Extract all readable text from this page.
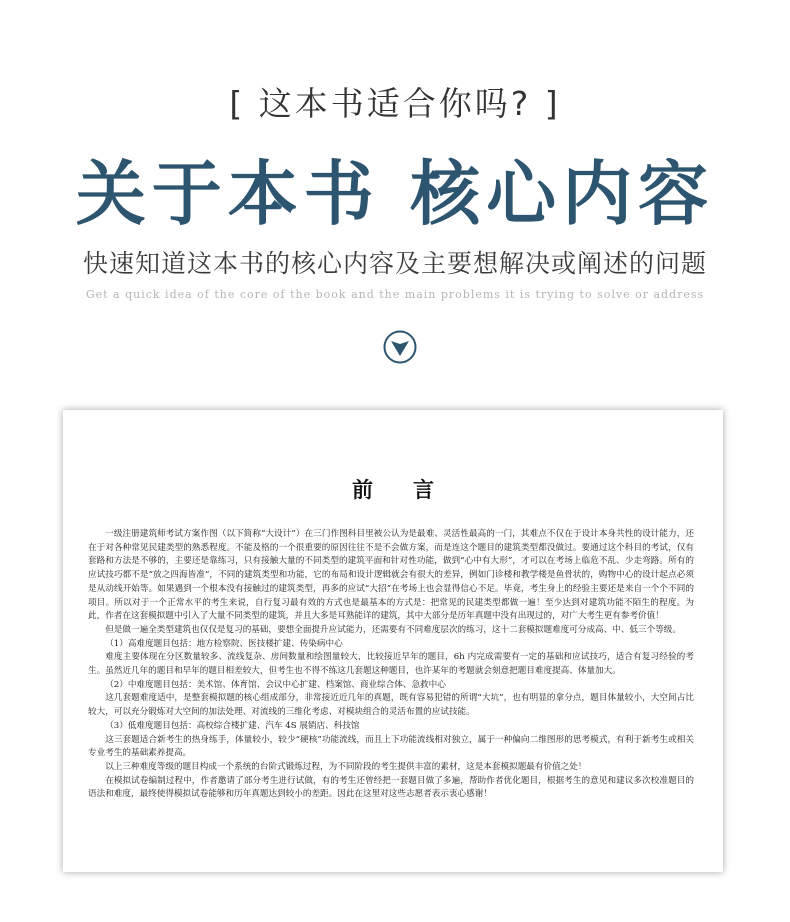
[ 这本书适合你吗? ]
关于本书 核心内容
快速知道这本书的核心内容及主要想解决或阐述的问题
Get a quick idea of the core of the book and the main problems it is trying to solve or address
前言

一级注册建筑师考试方案作图（以下简称“大设计”）在三门作图科目里被公认为是最难、灵活性最高的一门，其难点不仅在于设计本身共性的设计能力，还在于对各种常见民建类型的熟悉程度。不能及格的一个很重要的原因往往不是不会做方案，而是连这个题目的建筑类型都没做过。要通过这个科目的考试，仅有套路和方法是不够的，主要还是靠练习，只有接触大量的不同类型的建筑平面和针对性功能，做到“心中有大形”，才可以在考场上临危不乱、少走弯路。所有的应试技巧都不是“放之四海皆准”，不同的建筑类型和功能，它的布局和设计逻辑就会有很大的差异，例如门诊楼和教学楼是鱼骨状的，购物中心的设计起点必须是从动线开始等。如果遇到一个根本没有接触过的建筑类型，再多的应试“大招”在考场上也会显得信心不足。毕竟，考生身上的经验主要还是来自一个个不同的项目。所以对于一个正常水平的考生来说，自行复习最有效的方式也是最基本的方式是：把常见的民建类型都做一遍！至少达到对建筑功能不陌生的程度。为此，作者在这套模拟题中引入了大量不同类型的建筑，并且大多是耳熟能详的建筑，其中大部分是历年真题中没有出现过的，对广大考生更有参考价值！

但是做一遍全类型建筑也仅仅是复习的基础，要想全面提升应试能力，还需要有不同难度层次的练习，这十二套模拟题难度可分成高、中、低三个等级。

（1）高难度题目包括：地方检察院、医技楼扩建、传染病中心

难度主要体现在分区数量较多、流线复杂、房间数量和绘图量较大，比较接近早年的题目，6h 内完成需要有一定的基础和应试技巧，适合有复习经验的考生。虽然近几年的题目和早年的题目相差较大，但考生也不得不练这几套题这种题目，也许某年的考题就会刻意把题目难度提高、体量加大。

（2）中难度题目包括：美术馆、体育馆、会议中心扩建、档案馆、商业综合体、急救中心

这几套题难度适中，是整套模拟题的核心组成部分，非常接近近几年的真题，既有容易犯错的所谓“大坑”，也有明显的拿分点，题目体量较小，大空间占比较大，可以充分锻炼对大空间的加法处理、对流线的三维化考虑、对模块组合的灵活布置的应试技能。

（3）低难度题目包括：高校综合楼扩建、汽车 4S 展销店、科技馆

这三套题适合新考生的热身练手，体量较小，较少“硬核”功能流线，而且上下功能流线相对独立，属于一种偏向二维图形的思考模式，有利于新考生或相关专业考生的基础素养提高。

以上三种难度等级的题目构成一个系统的台阶式锻炼过程，为不同阶段的考生提供丰富的素材，这是本套模拟题最有价值之处！

在模拟试卷编制过程中，作者邀请了部分考生进行试做，有的考生还曾经把一套题目做了多遍，帮助作者优化题目，根据考生的意见和建议多次校准题目的语法和难度，最终使得模拟试卷能够和历年真题达到较小的差距。因此在这里对这些志愿者表示衷心感谢！
